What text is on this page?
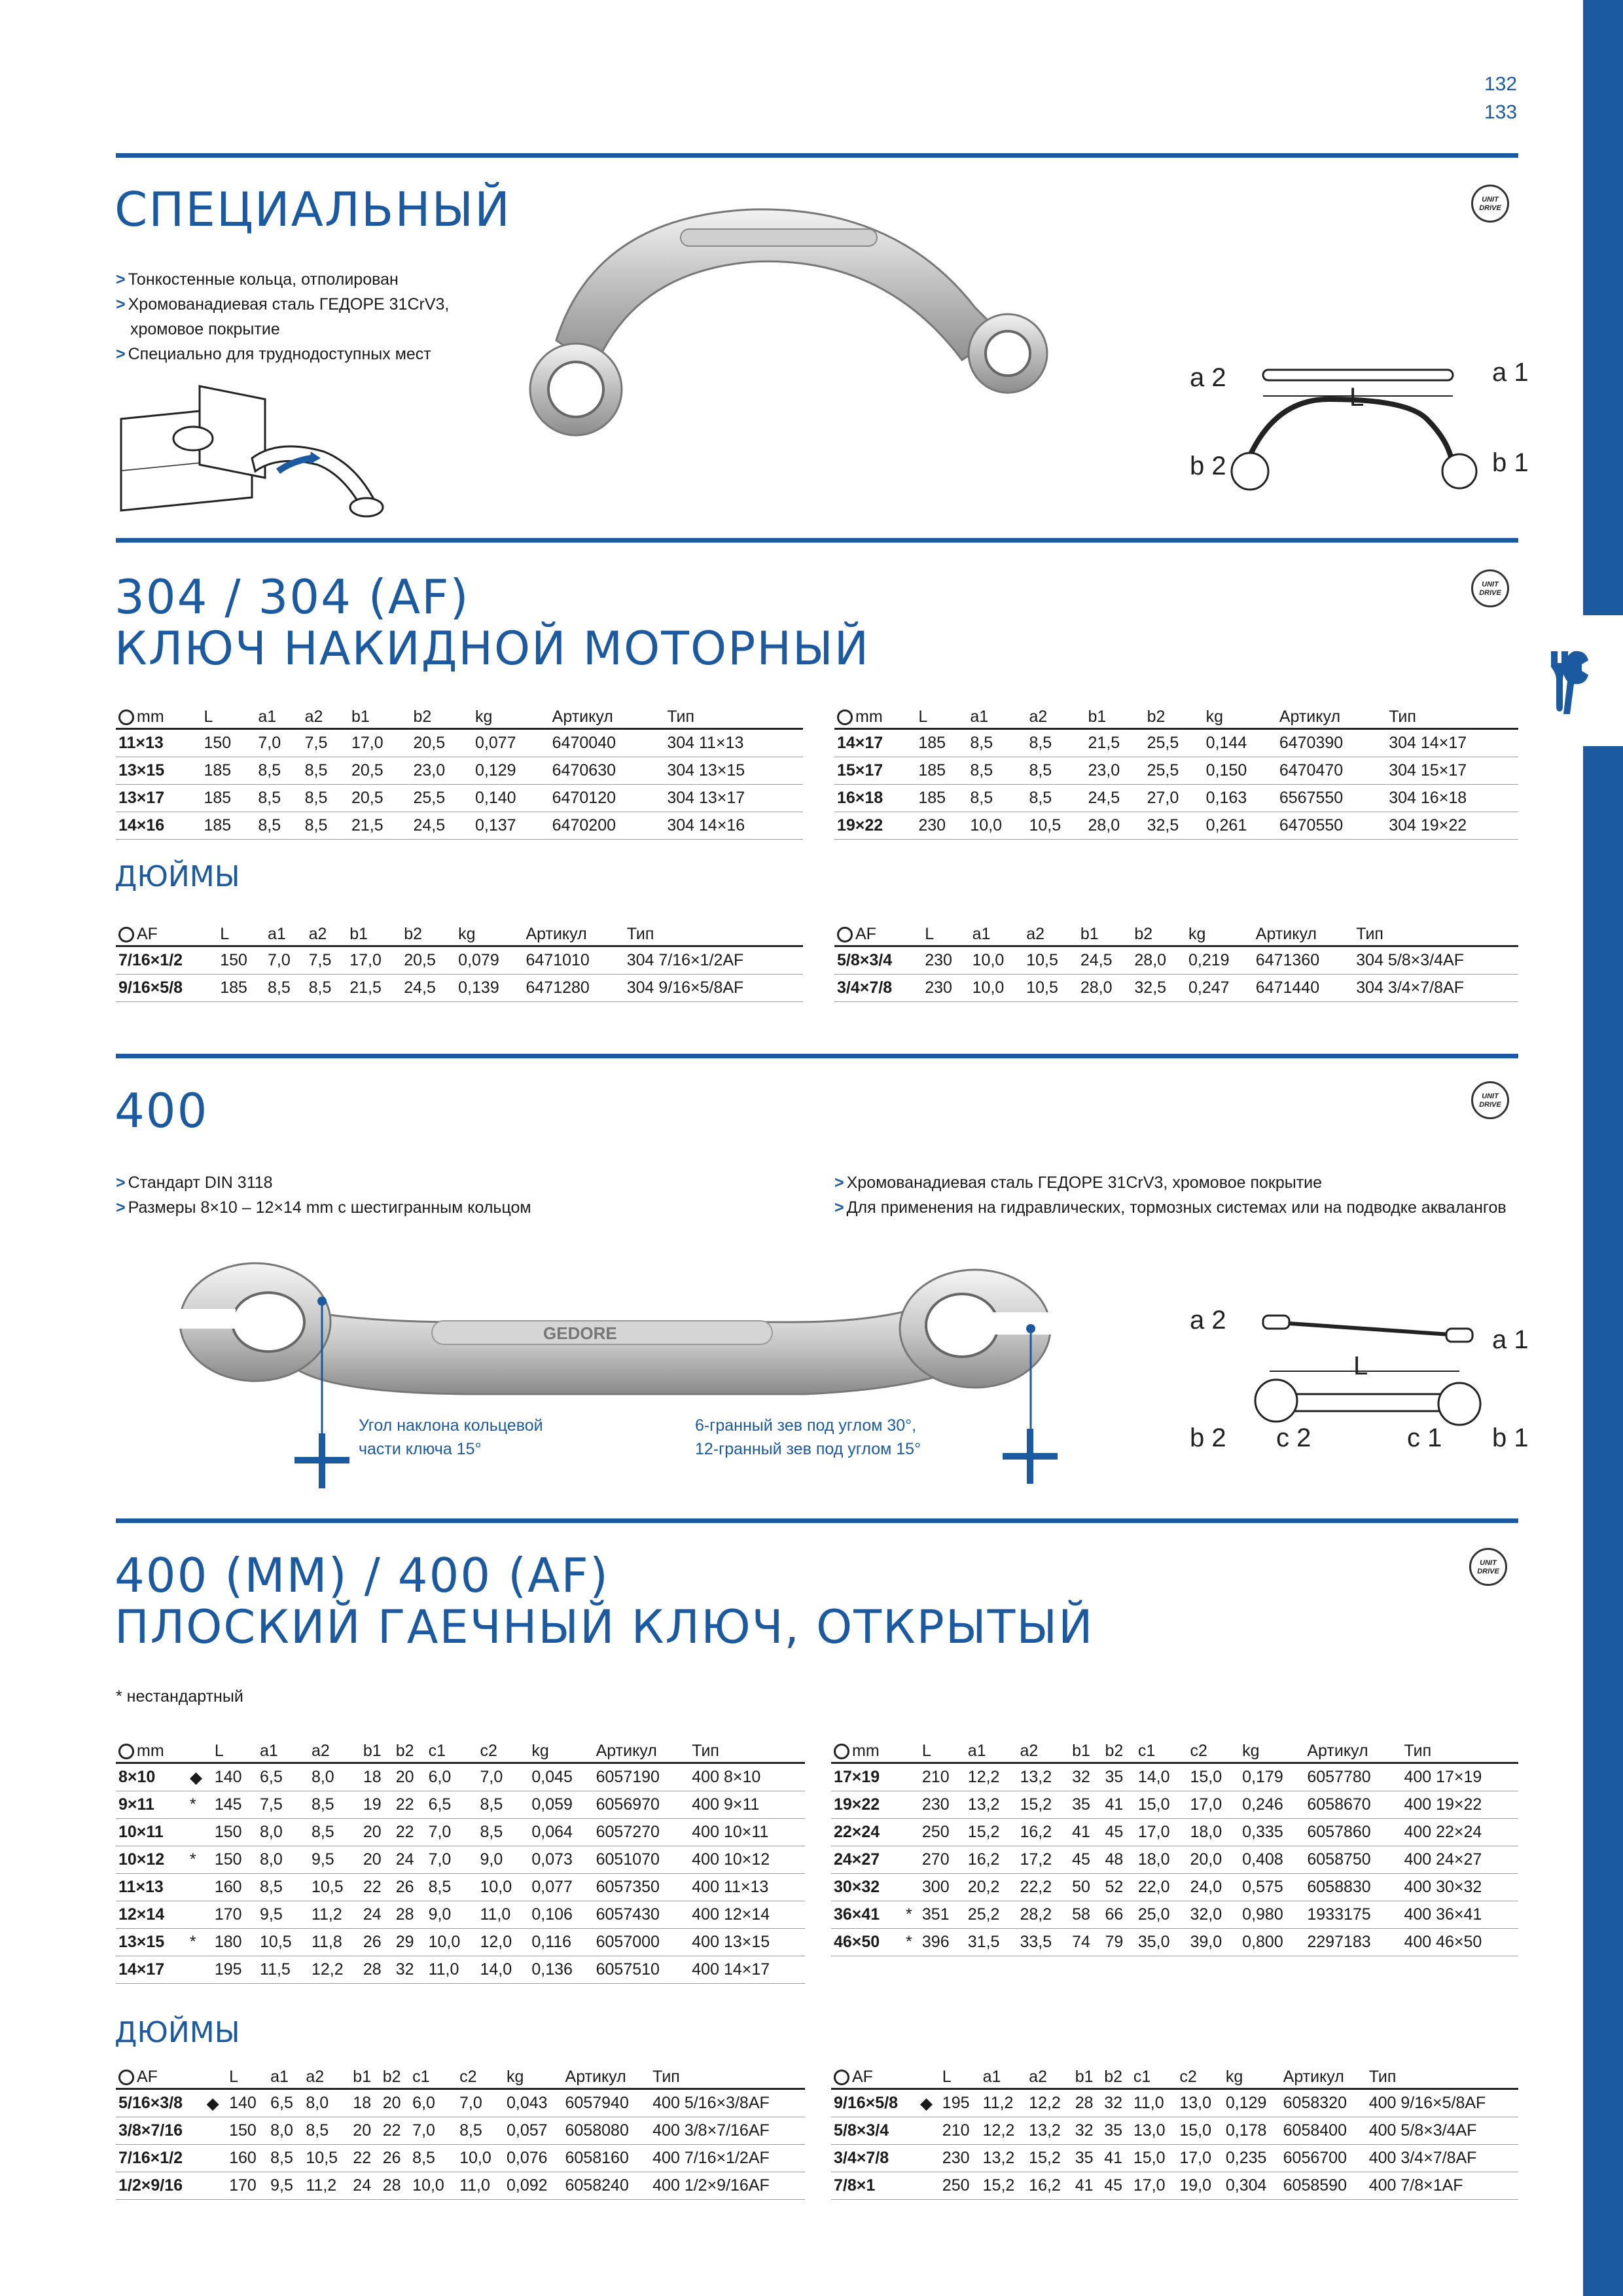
132
133
СПЕЦИАЛЬНЫЙ	UNIT
DRIVE
> Тонкостенные кольца, отполирован
> Хромованадиевая сталь ГЕДОРЕ 31CrV3,
хромовое покрытие
> Специально для труднодоступных мест
a 2	a 1
L
b 2	b 1
304 / 304 (AF)
КЛЮЧ НАКИДНОЙ МОТОРНЫЙ
UNIT
DRIVE
mm	L	a1	a2	b1	b2	kg	Артикул	Тип
11×13	150	7,0	7,5	17,0	20,5	0,077	6470040	304 11×13
13×15	185	8,5	8,5	20,5	23,0	0,129	6470630	304 13×15
13×17	185	8,5	8,5	20,5	25,5	0,140	6470120	304 13×17
14×16	185	8,5	8,5	21,5	24,5	0,137	6470200	304 14×16
mm	L	a1	a2	b1	b2	kg	Артикул	Тип
14×17	185	8,5	8,5	21,5	25,5	0,144	6470390	304 14×17
15×17	185	8,5	8,5	23,0	25,5	0,150	6470470	304 15×17
16×18	185	8,5	8,5	24,5	27,0	0,163	6567550	304 16×18
19×22	230	10,0	10,5	28,0	32,5	0,261	6470550	304 19×22
ДЮЙМЫ
AF	L	a1	a2	b1	b2	kg	Артикул	Тип
7/16×1/2	150	7,0	7,5	17,0	20,5	0,079	6471010	304 7/16×1/2AF
9/16×5/8	185	8,5	8,5	21,5	24,5	0,139	6471280	304 9/16×5/8AF
AF	L	a1	a2	b1	b2	kg	Артикул	Тип
5/8×3/4	230	10,0	10,5	24,5	28,0	0,219	6471360	304 5/8×3/4AF
3/4×7/8	230	10,0	10,5	28,0	32,5	0,247	6471440	304 3/4×7/8AF
400	UNIT
DRIVE
> Стандарт DIN 3118
> Размеры 8×10 – 12×14 mm с шестигранным кольцом
> Хромованадиевая сталь ГЕДОРЕ 31CrV3, хромовое покрытие
> Для применения на гидравлических, тормозных системах или на подводке аквалангов
GEDORE
Угол наклона кольцевой
части ключа 15°
6-гранный зев под углом 30°,
12-гранный зев под углом 15°
a 2
a 1
L
b 2 c 2	c 1 b 1
400 (MM) / 400 (AF)
ПЛОСКИЙ ГАЕЧНЫЙ КЛЮЧ, ОТКРЫТЫЙ
UNIT
DRIVE
* нестандартный
mm		L	a1	a2	b1	b2	c1	c2	kg	Артикул	Тип
8×10	◆	140	6,5	8,0	18	20	6,0	7,0	0,045	6057190	400 8×10
9×11	*	145	7,5	8,5	19	22	6,5	8,5	0,059	6056970	400 9×11
10×11		150	8,0	8,5	20	22	7,0	8,5	0,064	6057270	400 10×11
10×12	*	150	8,0	9,5	20	24	7,0	9,0	0,073	6051070	400 10×12
11×13		160	8,5	10,5	22	26	8,5	10,0	0,077	6057350	400 11×13
12×14		170	9,5	11,2	24	28	9,0	11,0	0,106	6057430	400 12×14
13×15	*	180	10,5	11,8	26	29	10,0	12,0	0,116	6057000	400 13×15
14×17		195	11,5	12,2	28	32	11,0	14,0	0,136	6057510	400 14×17
mm		L	a1	a2	b1	b2	c1	c2	kg	Артикул	Тип
17×19		210	12,2	13,2	32	35	14,0	15,0	0,179	6057780	400 17×19
19×22		230	13,2	15,2	35	41	15,0	17,0	0,246	6058670	400 19×22
22×24		250	15,2	16,2	41	45	17,0	18,0	0,335	6057860	400 22×24
24×27		270	16,2	17,2	45	48	18,0	20,0	0,408	6058750	400 24×27
30×32		300	20,2	22,2	50	52	22,0	24,0	0,575	6058830	400 30×32
36×41	*	351	25,2	28,2	58	66	25,0	32,0	0,980	1933175	400 36×41
46×50	*	396	31,5	33,5	74	79	35,0	39,0	0,800	2297183	400 46×50
ДЮЙМЫ
AF		L	a1	a2	b1	b2	c1	c2	kg	Артикул	Тип
5/16×3/8	◆	140	6,5	8,0	18	20	6,0	7,0	0,043	6057940	400 5/16×3/8AF
3/8×7/16		150	8,0	8,5	20	22	7,0	8,5	0,057	6058080	400 3/8×7/16AF
7/16×1/2		160	8,5	10,5	22	26	8,5	10,0	0,076	6058160	400 7/16×1/2AF
1/2×9/16		170	9,5	11,2	24	28	10,0	11,0	0,092	6058240	400 1/2×9/16AF
AF		L	a1	a2	b1	b2	c1	c2	kg	Артикул	Тип
9/16×5/8	◆	195	11,2	12,2	28	32	11,0	13,0	0,129	6058320	400 9/16×5/8AF
5/8×3/4		210	12,2	13,2	32	35	13,0	15,0	0,178	6058400	400 5/8×3/4AF
3/4×7/8		230	13,2	15,2	35	41	15,0	17,0	0,235	6056700	400 3/4×7/8AF
7/8×1		250	15,2	16,2	41	45	17,0	19,0	0,304	6058590	400 7/8×1AF
